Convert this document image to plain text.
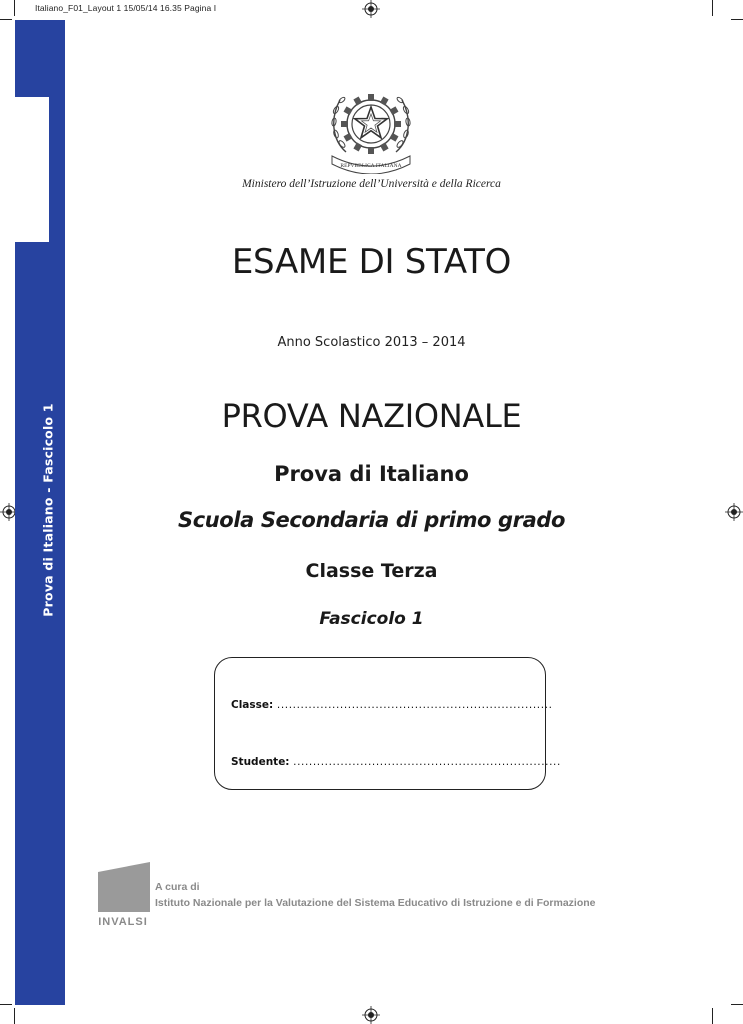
Italiano_F01_Layout 1 15/05/14 16.35 Pagina I
Prova di Italiano - Fascicolo 1
REPVBBLICA ITALIANA
Ministero dell’Istruzione dell’Università e della Ricerca
ESAME DI STATO
Anno Scolastico 2013 – 2014
PROVA NAZIONALE
Prova di Italiano
Scuola Secondaria di primo grado
Classe Terza
Fascicolo 1
Classe: ......................................................................
Studente: ....................................................................
INVALSI
A cura di
Istituto Nazionale per la Valutazione del Sistema Educativo di Istruzione e di Formazione
